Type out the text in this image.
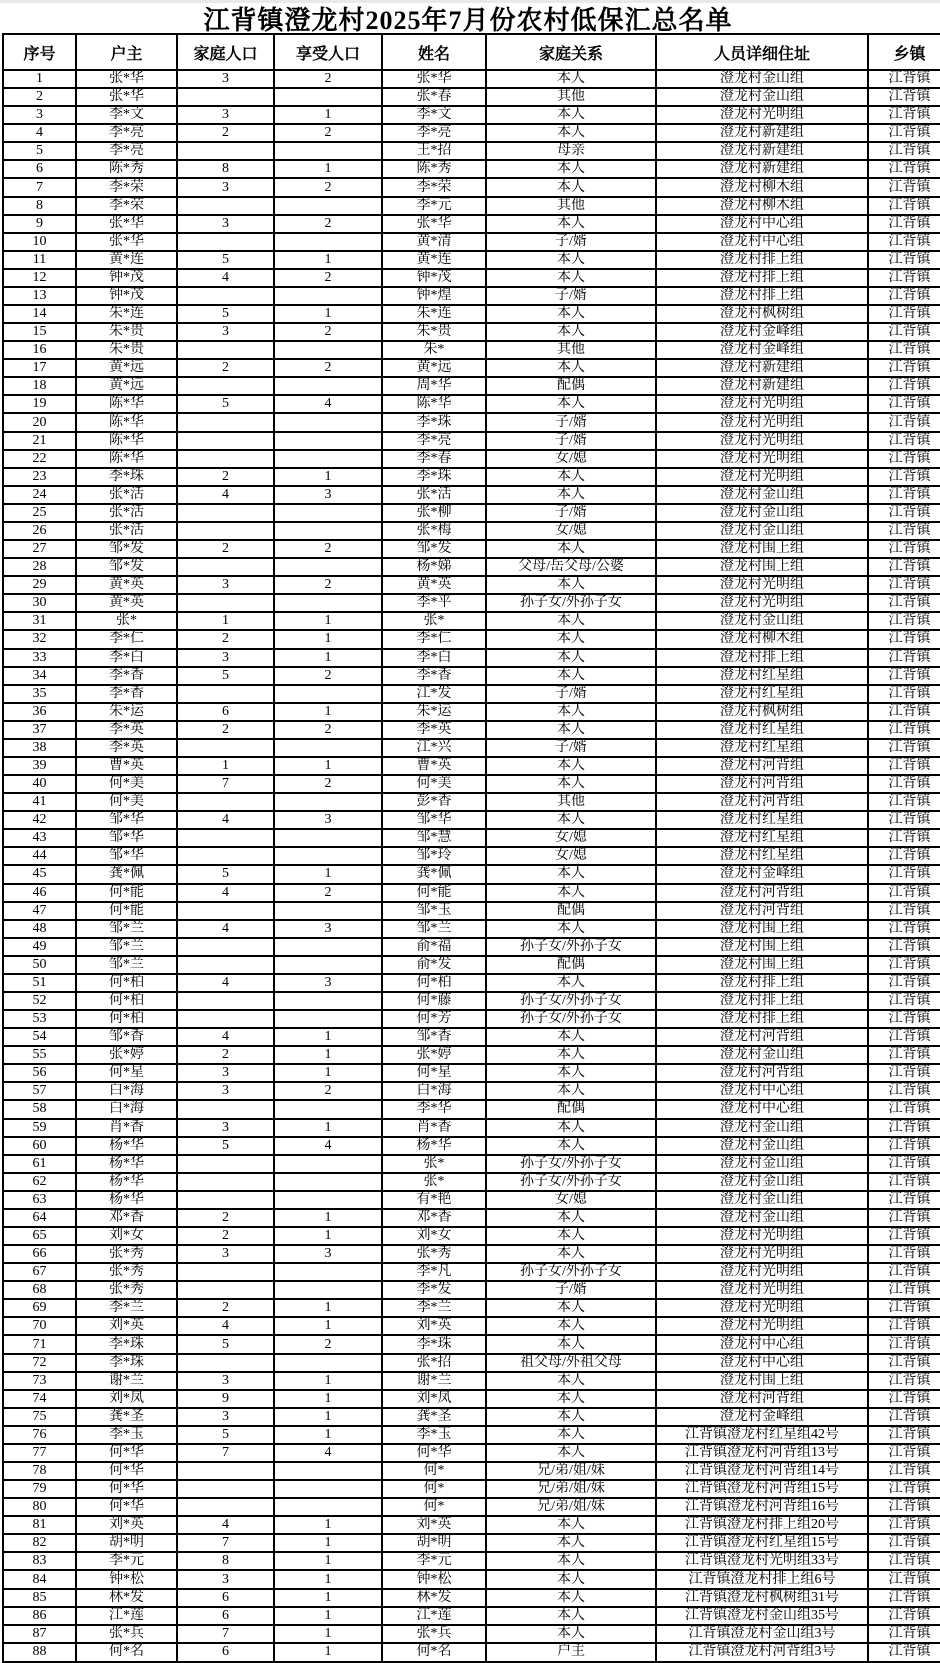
江背镇澄龙村2025年7月份农村低保汇总名单
序号	户主	家庭人口	享受人口	姓名	家庭关系	人员详细住址	乡镇
1	张*华	3	2	张*华	本人	澄龙村金山组	江背镇
2	张*华			张*春	其他	澄龙村金山组	江背镇
3	李*文	3	1	李*文	本人	澄龙村光明组	江背镇
4	李*亮	2	2	李*亮	本人	澄龙村新建组	江背镇
5	李*亮			王*招	母亲	澄龙村新建组	江背镇
6	陈*秀	8	1	陈*秀	本人	澄龙村新建组	江背镇
7	李*荣	3	2	李*荣	本人	澄龙村柳木组	江背镇
8	李*荣			李*元	其他	澄龙村柳木组	江背镇
9	张*华	3	2	张*华	本人	澄龙村中心组	江背镇
10	张*华			黄*清	子/婿	澄龙村中心组	江背镇
11	黄*连	5	1	黄*连	本人	澄龙村排上组	江背镇
12	钟*茂	4	2	钟*茂	本人	澄龙村排上组	江背镇
13	钟*茂			钟*煌	子/婿	澄龙村排上组	江背镇
14	朱*连	5	1	朱*连	本人	澄龙村枫树组	江背镇
15	朱*贵	3	2	朱*贵	本人	澄龙村金峰组	江背镇
16	朱*贵			朱*	其他	澄龙村金峰组	江背镇
17	黄*远	2	2	黄*远	本人	澄龙村新建组	江背镇
18	黄*远			周*华	配偶	澄龙村新建组	江背镇
19	陈*华	5	4	陈*华	本人	澄龙村光明组	江背镇
20	陈*华			李*珠	子/婿	澄龙村光明组	江背镇
21	陈*华			李*亮	子/婿	澄龙村光明组	江背镇
22	陈*华			李*春	女/媳	澄龙村光明组	江背镇
23	李*珠	2	1	李*珠	本人	澄龙村光明组	江背镇
24	张*活	4	3	张*活	本人	澄龙村金山组	江背镇
25	张*活			张*柳	子/婿	澄龙村金山组	江背镇
26	张*活			张*梅	女/媳	澄龙村金山组	江背镇
27	邹*发	2	2	邹*发	本人	澄龙村围上组	江背镇
28	邹*发			杨*娣	父母/岳父母/公婆	澄龙村围上组	江背镇
29	黄*英	3	2	黄*英	本人	澄龙村光明组	江背镇
30	黄*英			李*平	孙子女/外孙子女	澄龙村光明组	江背镇
31	张*	1	1	张*	本人	澄龙村金山组	江背镇
32	李*仁	2	1	李*仁	本人	澄龙村柳木组	江背镇
33	李*白	3	1	李*白	本人	澄龙村排上组	江背镇
34	李*香	5	2	李*香	本人	澄龙村红星组	江背镇
35	李*香			江*发	子/婿	澄龙村红星组	江背镇
36	朱*运	6	1	朱*运	本人	澄龙村枫树组	江背镇
37	李*英	2	2	李*英	本人	澄龙村红星组	江背镇
38	李*英			江*兴	子/婿	澄龙村红星组	江背镇
39	曹*英	1	1	曹*英	本人	澄龙村河背组	江背镇
40	何*美	7	2	何*美	本人	澄龙村河背组	江背镇
41	何*美			彭*香	其他	澄龙村河背组	江背镇
42	邹*华	4	3	邹*华	本人	澄龙村红星组	江背镇
43	邹*华			邹*慧	女/媳	澄龙村红星组	江背镇
44	邹*华			邹*玲	女/媳	澄龙村红星组	江背镇
45	龚*佩	5	1	龚*佩	本人	澄龙村金峰组	江背镇
46	何*能	4	2	何*能	本人	澄龙村河背组	江背镇
47	何*能			邹*玉	配偶	澄龙村河背组	江背镇
48	邹*兰	4	3	邹*兰	本人	澄龙村围上组	江背镇
49	邹*兰			俞*福	孙子女/外孙子女	澄龙村围上组	江背镇
50	邹*兰			俞*发	配偶	澄龙村围上组	江背镇
51	何*柏	4	3	何*柏	本人	澄龙村排上组	江背镇
52	何*柏			何*藤	孙子女/外孙子女	澄龙村排上组	江背镇
53	何*柏			何*芳	孙子女/外孙子女	澄龙村排上组	江背镇
54	邹*香	4	1	邹*香	本人	澄龙村河背组	江背镇
55	张*婷	2	1	张*婷	本人	澄龙村金山组	江背镇
56	何*星	3	1	何*星	本人	澄龙村河背组	江背镇
57	白*海	3	2	白*海	本人	澄龙村中心组	江背镇
58	白*海			李*华	配偶	澄龙村中心组	江背镇
59	肖*香	3	1	肖*香	本人	澄龙村金山组	江背镇
60	杨*华	5	4	杨*华	本人	澄龙村金山组	江背镇
61	杨*华			张*	孙子女/外孙子女	澄龙村金山组	江背镇
62	杨*华			张*	孙子女/外孙子女	澄龙村金山组	江背镇
63	杨*华			有*艳	女/媳	澄龙村金山组	江背镇
64	邓*香	2	1	邓*香	本人	澄龙村金山组	江背镇
65	刘*女	2	1	刘*女	本人	澄龙村光明组	江背镇
66	张*秀	3	3	张*秀	本人	澄龙村光明组	江背镇
67	张*秀			李*凡	孙子女/外孙子女	澄龙村光明组	江背镇
68	张*秀			李*发	子/婿	澄龙村光明组	江背镇
69	李*兰	2	1	李*兰	本人	澄龙村光明组	江背镇
70	刘*英	4	1	刘*英	本人	澄龙村光明组	江背镇
71	李*珠	5	2	李*珠	本人	澄龙村中心组	江背镇
72	李*珠			张*招	祖父母/外祖父母	澄龙村中心组	江背镇
73	谢*兰	3	1	谢*兰	本人	澄龙村围上组	江背镇
74	刘*凤	9	1	刘*凤	本人	澄龙村河背组	江背镇
75	龚*圣	3	1	龚*圣	本人	澄龙村金峰组	江背镇
76	李*玉	5	1	李*玉	本人	江背镇澄龙村红星组42号	江背镇
77	何*华	7	4	何*华	本人	江背镇澄龙村河背组13号	江背镇
78	何*华			何*	兄/弟/姐/妹	江背镇澄龙村河背组14号	江背镇
79	何*华			何*	兄/弟/姐/妹	江背镇澄龙村河背组15号	江背镇
80	何*华			何*	兄/弟/姐/妹	江背镇澄龙村河背组16号	江背镇
81	刘*英	4	1	刘*英	本人	江背镇澄龙村排上组20号	江背镇
82	胡*明	7	1	胡*明	本人	江背镇澄龙村红星组15号	江背镇
83	李*元	8	1	李*元	本人	江背镇澄龙村光明组33号	江背镇
84	钟*松	3	1	钟*松	本人	江背镇澄龙村排上组6号	江背镇
85	林*发	6	1	林*发	本人	江背镇澄龙村枫树组31号	江背镇
86	江*莲	6	1	江*莲	本人	江背镇澄龙村金山组35号	江背镇
87	张*兵	7	1	张*兵	本人	江背镇澄龙村金山组3号	江背镇
88	何*名	6	1	何*名	户主	江背镇澄龙村河背组3号	江背镇
